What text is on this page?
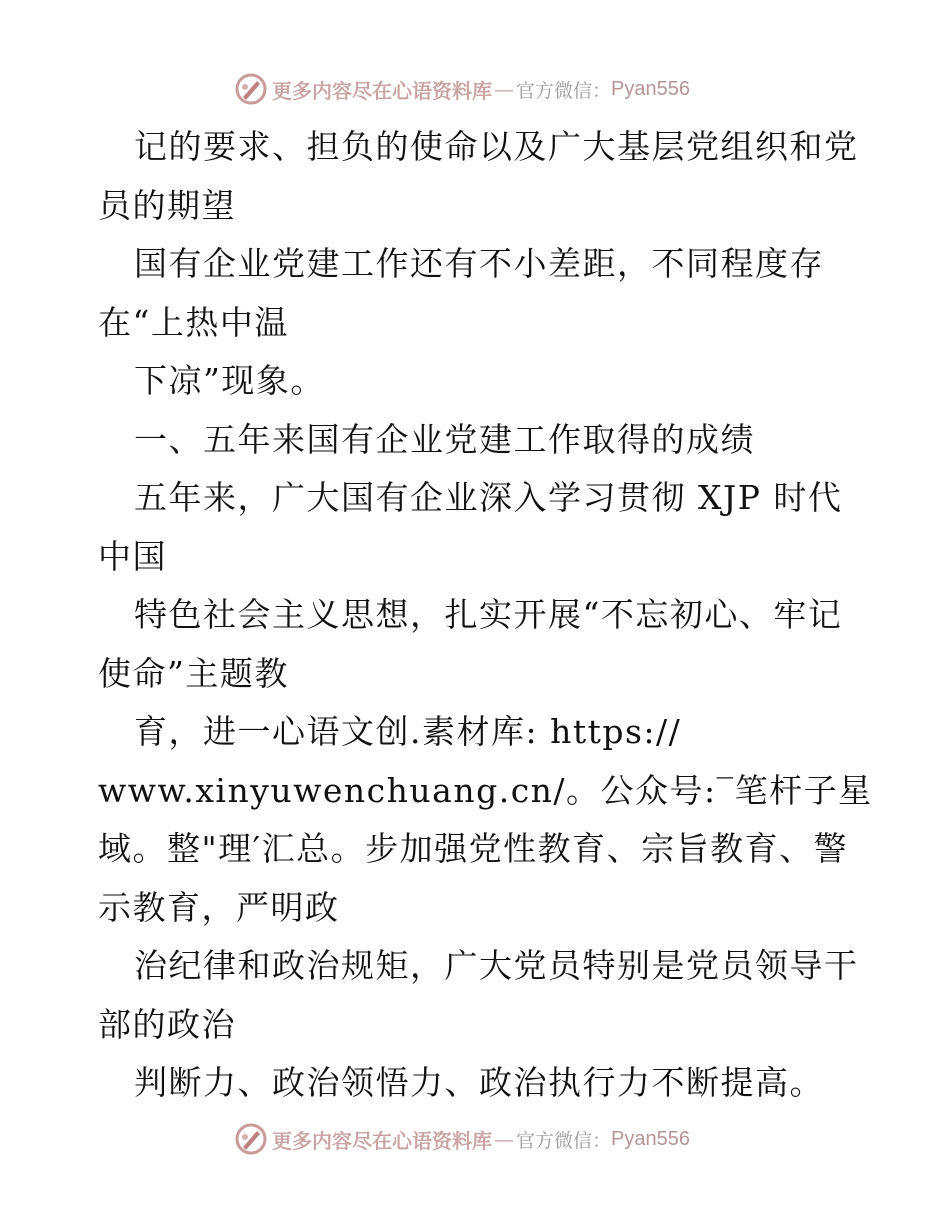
更多内容尽在心语资料库 — 官方微信： Pyan556
记的要求、担负的使命以及广大基层党组织和党
员的期望
国有企业党建工作还有不小差距，不同程度存
在“上热中温
下凉”现象。
一、五年来国有企业党建工作取得的成绩
五年来，广大国有企业深入学习贯彻 XJP 时代
中国
特色社会主义思想，扎实开展“不忘初心、牢记
使命”主题教
育，进一心语文创.素材库: https://
www.xinyuwenchuang.cn/。公众号:‾笔杆子星
域。整"理′汇总。步加强党性教育、宗旨教育、警
示教育，严明政
治纪律和政治规矩，广大党员特别是党员领导干
部的政治
判断力、政治领悟力、政治执行力不断提高。
更多内容尽在心语资料库 — 官方微信： Pyan556
